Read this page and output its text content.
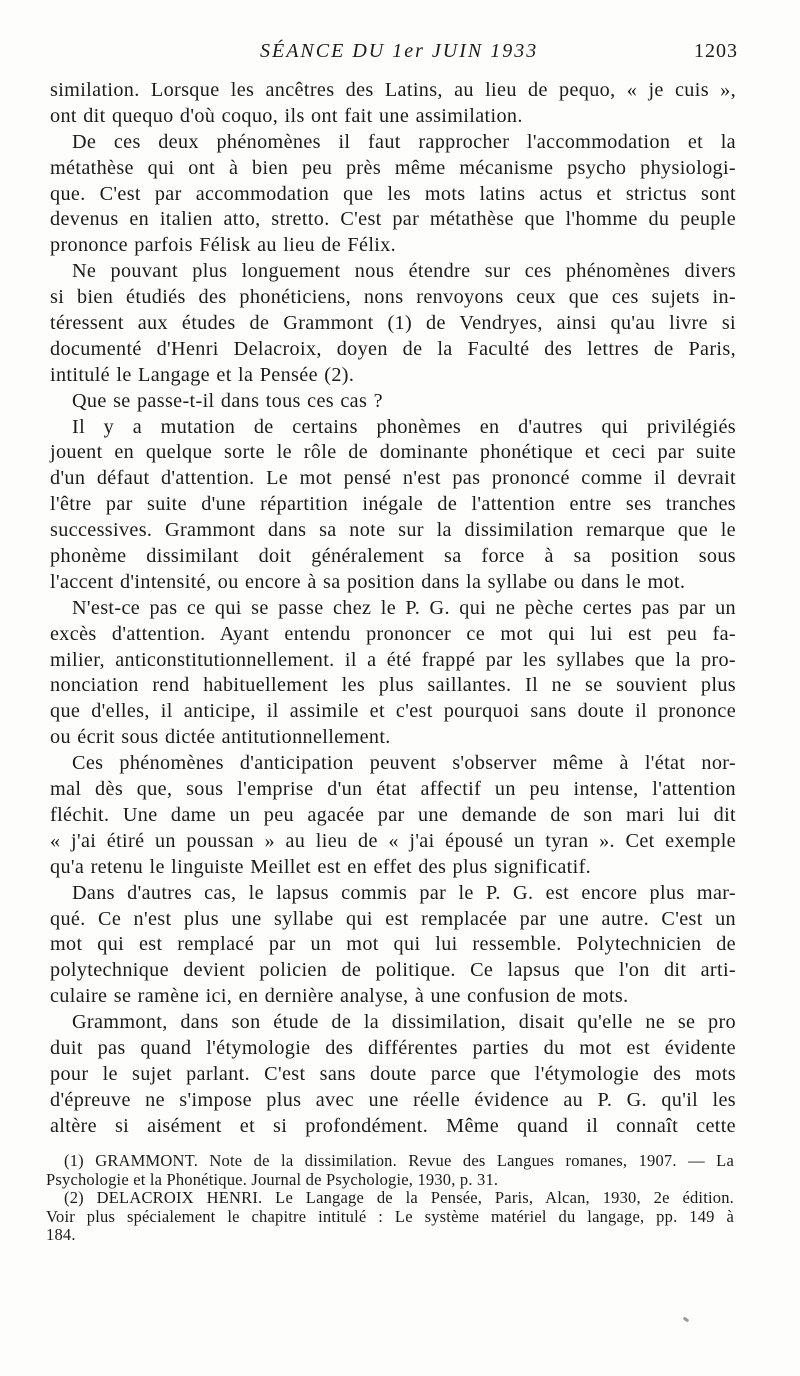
SÉANCE DU 1er JUIN 1933	1203
similation. Lorsque les ancêtres des Latins, au lieu de pequo, « je cuis »,
ont dit quequo d'où coquo, ils ont fait une assimilation.
De ces deux phénomènes il faut rapprocher l'accommodation et la
métathèse qui ont à bien peu près même mécanisme psycho physiologi-
que. C'est par accommodation que les mots latins actus et strictus sont
devenus en italien atto, stretto. C'est par métathèse que l'homme du peuple
prononce parfois Félisk au lieu de Félix.
Ne pouvant plus longuement nous étendre sur ces phénomènes divers
si bien étudiés des phonéticiens, nons renvoyons ceux que ces sujets in-
téressent aux études de Grammont (1) de Vendryes, ainsi qu'au livre si
documenté d'Henri Delacroix, doyen de la Faculté des lettres de Paris,
intitulé le Langage et la Pensée (2).
Que se passe-t-il dans tous ces cas ?
Il y a mutation de certains phonèmes en d'autres qui privilégiés
jouent en quelque sorte le rôle de dominante phonétique et ceci par suite
d'un défaut d'attention. Le mot pensé n'est pas prononcé comme il devrait
l'être par suite d'une répartition inégale de l'attention entre ses tranches
successives. Grammont dans sa note sur la dissimilation remarque que le
phonème dissimilant doit généralement sa force à sa position sous
l'accent d'intensité, ou encore à sa position dans la syllabe ou dans le mot.
N'est-ce pas ce qui se passe chez le P. G. qui ne pèche certes pas par un
excès d'attention. Ayant entendu prononcer ce mot qui lui est peu fa-
milier, anticonstitutionnellement. il a été frappé par les syllabes que la pro-
nonciation rend habituellement les plus saillantes. Il ne se souvient plus
que d'elles, il anticipe, il assimile et c'est pourquoi sans doute il prononce
ou écrit sous dictée antitutionnellement.
Ces phénomènes d'anticipation peuvent s'observer même à l'état nor-
mal dès que, sous l'emprise d'un état affectif un peu intense, l'attention
fléchit. Une dame un peu agacée par une demande de son mari lui dit
« j'ai étiré un poussan » au lieu de « j'ai épousé un tyran ». Cet exemple
qu'a retenu le linguiste Meillet est en effet des plus significatif.
Dans d'autres cas, le lapsus commis par le P. G. est encore plus mar-
qué. Ce n'est plus une syllabe qui est remplacée par une autre. C'est un
mot qui est remplacé par un mot qui lui ressemble. Polytechnicien de
polytechnique devient policien de politique. Ce lapsus que l'on dit arti-
culaire se ramène ici, en dernière analyse, à une confusion de mots.
Grammont, dans son étude de la dissimilation, disait qu'elle ne se pro
duit pas quand l'étymologie des différentes parties du mot est évidente
pour le sujet parlant. C'est sans doute parce que l'étymologie des mots
d'épreuve ne s'impose plus avec une réelle évidence au P. G. qu'il les
altère si aisément et si profondément. Même quand il connaît cette
(1) GRAMMONT. Note de la dissimilation. Revue des Langues romanes, 1907. — La
Psychologie et la Phonétique. Journal de Psychologie, 1930, p. 31.
(2) DELACROIX HENRI. Le Langage de la Pensée, Paris, Alcan, 1930, 2e édition.
Voir plus spécialement le chapitre intitulé : Le système matériel du langage, pp. 149 à
184.
